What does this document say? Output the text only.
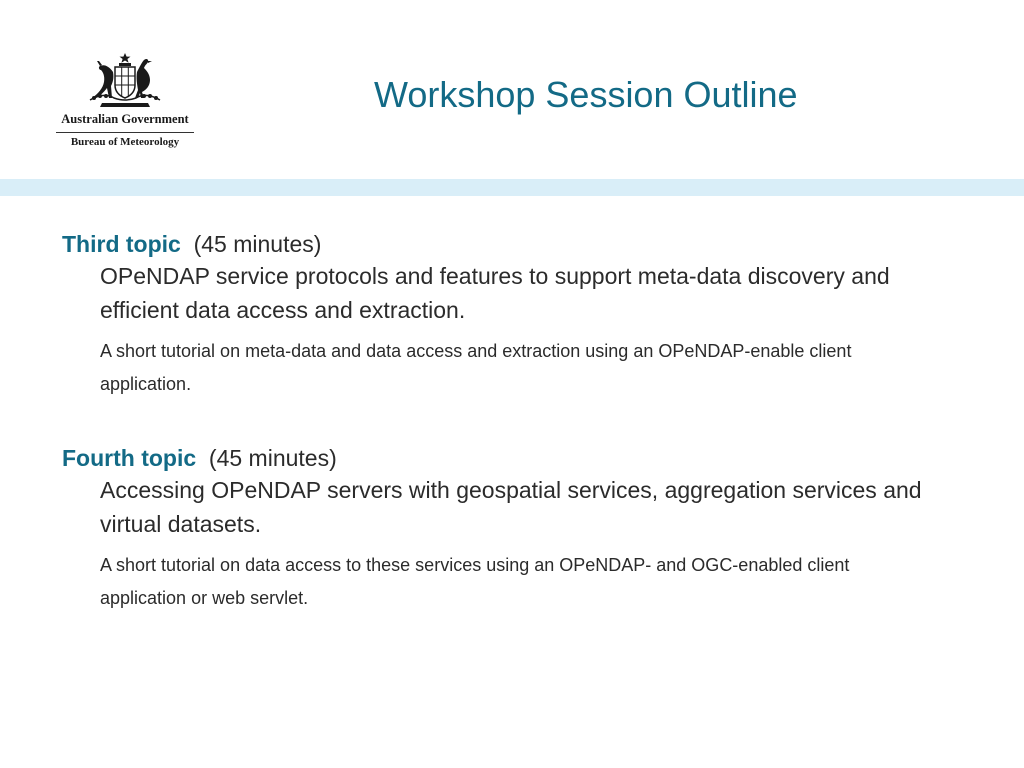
Australian Government
Bureau of Meteorology
Workshop Session Outline
Third topic (45 minutes)
OPeNDAP service protocols and features to support meta-data discovery and efficient data access and extraction.
A short tutorial on meta-data and data access and extraction using an OPeNDAP-enable client application.
Fourth topic (45 minutes)
Accessing OPeNDAP servers with geospatial services, aggregation services and virtual datasets.
A short tutorial on data access to these services using an OPeNDAP- and OGC-enabled client application or web servlet.
